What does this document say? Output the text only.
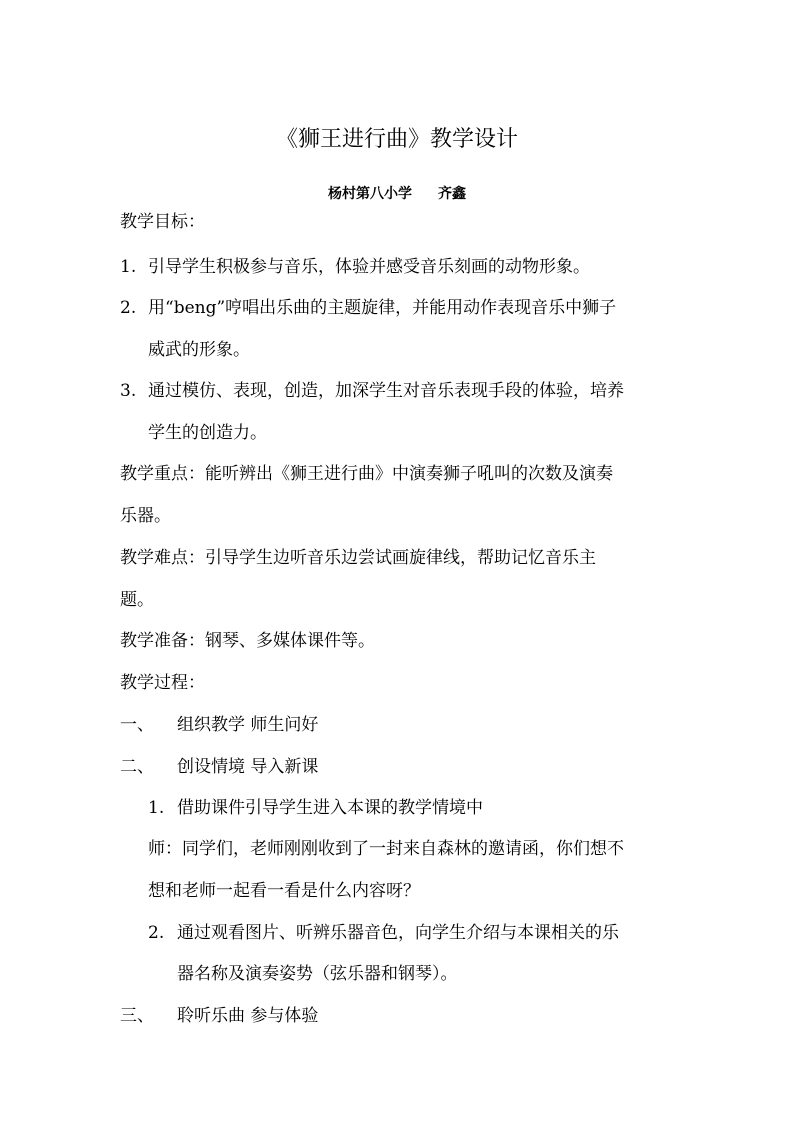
《狮王进行曲》教学设计
杨村第八小学 齐鑫
教学目标：
1. 引导学生积极参与音乐，体验并感受音乐刻画的动物形象。
2. 用“beng”哼唱出乐曲的主题旋律，并能用动作表现音乐中狮子
威武的形象。
3. 通过模仿、表现，创造，加深学生对音乐表现手段的体验，培养
学生的创造力。
教学重点：能听辨出《狮王进行曲》中演奏狮子吼叫的次数及演奏
乐器。
教学难点：引导学生边听音乐边尝试画旋律线，帮助记忆音乐主
题。
教学准备：钢琴、多媒体课件等。
教学过程：
一、 组织教学 师生问好
二、 创设情境 导入新课
1. 借助课件引导学生进入本课的教学情境中
师：同学们，老师刚刚收到了一封来自森林的邀请函，你们想不
想和老师一起看一看是什么内容呀？
2. 通过观看图片、听辨乐器音色，向学生介绍与本课相关的乐
器名称及演奏姿势（弦乐器和钢琴）。
三、 聆听乐曲 参与体验
